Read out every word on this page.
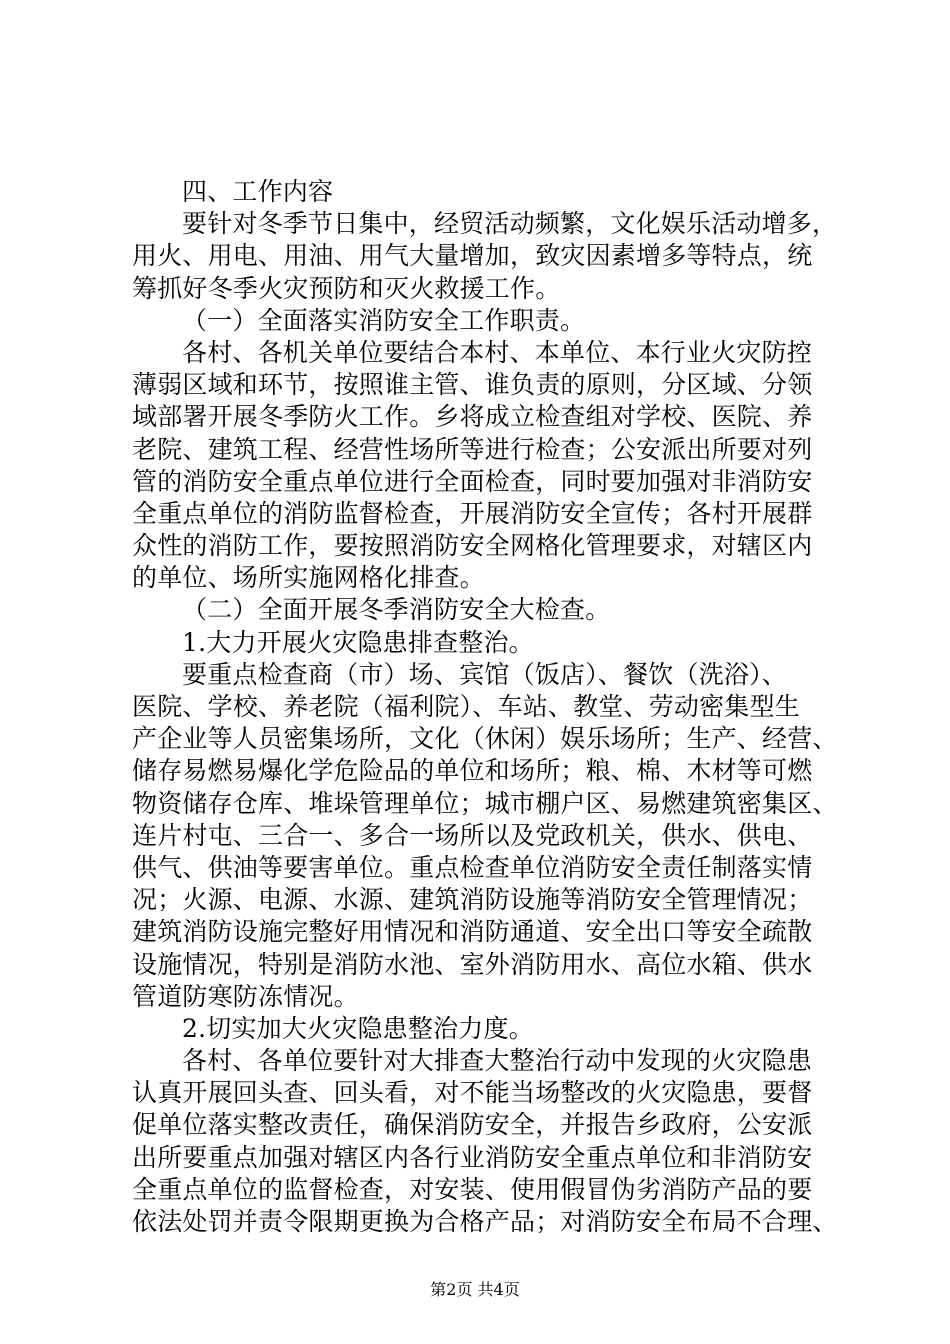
四、工作内容
要针对冬季节日集中，经贸活动频繁，文化娱乐活动增多，
用火、用电、用油、用气大量增加，致灾因素增多等特点，统
筹抓好冬季火灾预防和灭火救援工作。
（一）全面落实消防安全工作职责。
各村、各机关单位要结合本村、本单位、本行业火灾防控
薄弱区域和环节，按照谁主管、谁负责的原则，分区域、分领
域部署开展冬季防火工作。乡将成立检查组对学校、医院、养
老院、建筑工程、经营性场所等进行检查；公安派出所要对列
管的消防安全重点单位进行全面检查，同时要加强对非消防安
全重点单位的消防监督检查，开展消防安全宣传；各村开展群
众性的消防工作，要按照消防安全网格化管理要求，对辖区内
的单位、场所实施网格化排查。
（二）全面开展冬季消防安全大检查。
1.大力开展火灾隐患排查整治。
要重点检查商（市）场、宾馆（饭店）、餐饮（洗浴）、
医院、学校、养老院（福利院）、车站、教堂、劳动密集型生
产企业等人员密集场所，文化（休闲）娱乐场所；生产、经营、
储存易燃易爆化学危险品的单位和场所；粮、棉、木材等可燃
物资储存仓库、堆垛管理单位；城市棚户区、易燃建筑密集区、
连片村屯、三合一、多合一场所以及党政机关，供水、供电、
供气、供油等要害单位。重点检查单位消防安全责任制落实情
况；火源、电源、水源、建筑消防设施等消防安全管理情况；
建筑消防设施完整好用情况和消防通道、安全出口等安全疏散
设施情况，特别是消防水池、室外消防用水、高位水箱、供水
管道防寒防冻情况。
2.切实加大火灾隐患整治力度。
各村、各单位要针对大排查大整治行动中发现的火灾隐患
认真开展回头查、回头看，对不能当场整改的火灾隐患，要督
促单位落实整改责任，确保消防安全，并报告乡政府，公安派
出所要重点加强对辖区内各行业消防安全重点单位和非消防安
全重点单位的监督检查，对安装、使用假冒伪劣消防产品的要
依法处罚并责令限期更换为合格产品；对消防安全布局不合理、
第2页 共4页
